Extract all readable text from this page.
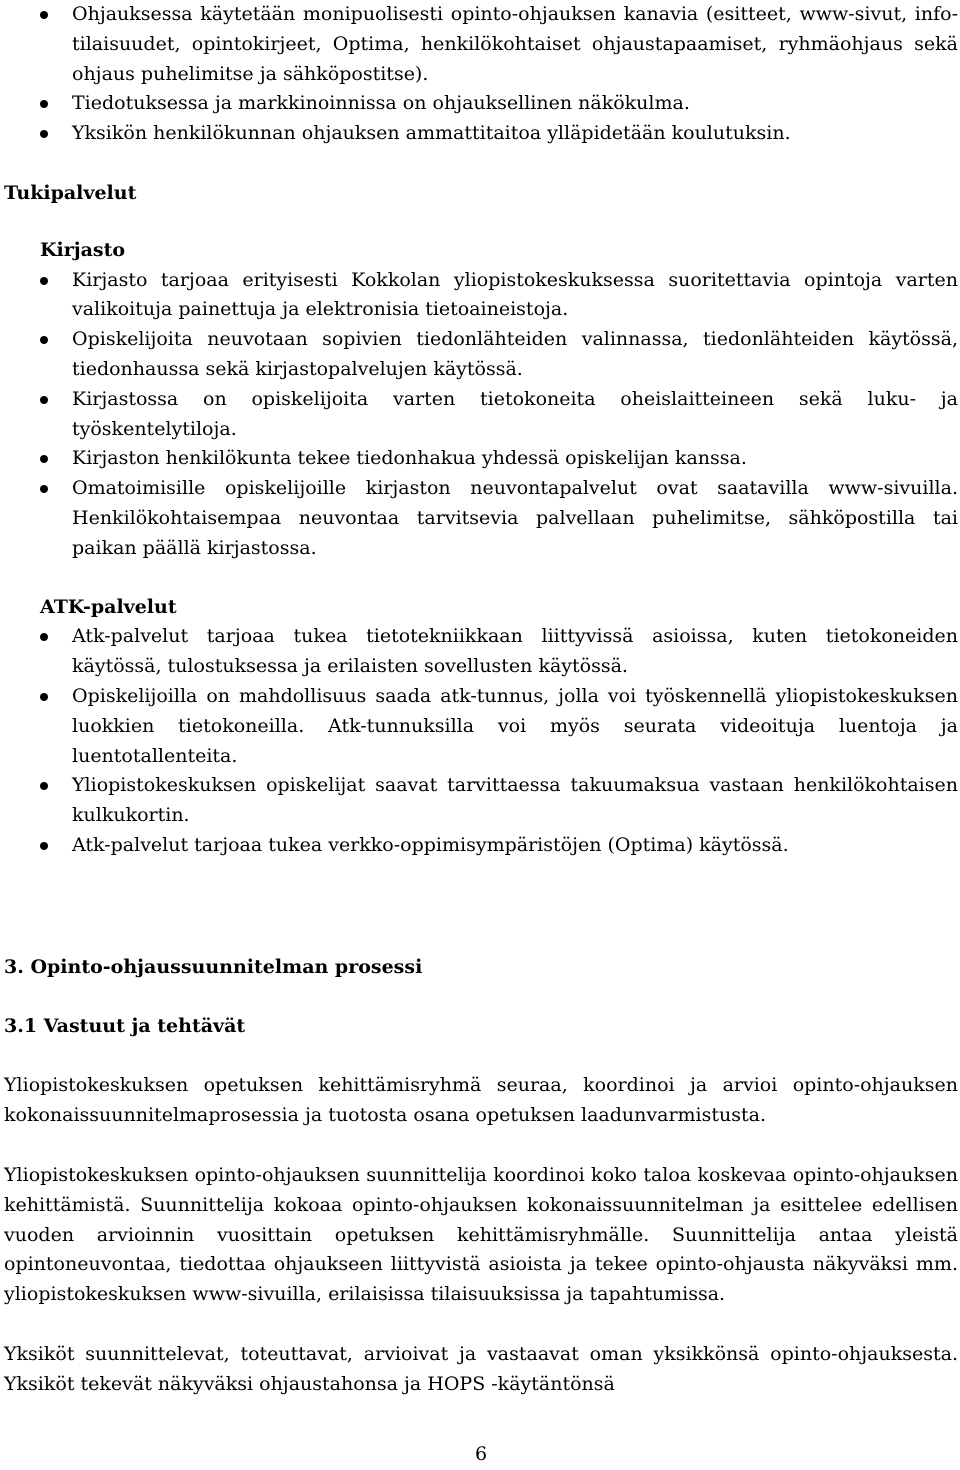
Ohjauksessa käytetään monipuolisesti opinto-ohjauksen kanavia (esitteet, www-sivut, info-tilaisuudet, opintokirjeet, Optima, henkilökohtaiset ohjaustapaamiset, ryhmäohjaus sekä ohjaus puhelimitse ja sähköpostitse).
Tiedotuksessa ja markkinoinnissa on ohjauksellinen näkökulma.
Yksikön henkilökunnan ohjauksen ammattitaitoa ylläpidetään koulutuksin.
Tukipalvelut
Kirjasto
Kirjasto tarjoaa erityisesti Kokkolan yliopistokeskuksessa suoritettavia opintoja varten valikoituja painettuja ja elektronisia tietoaineistoja.
Opiskelijoita neuvotaan sopivien tiedonlähteiden valinnassa, tiedonlähteiden käytössä, tiedonhaussa sekä kirjastopalvelujen käytössä.
Kirjastossa on opiskelijoita varten tietokoneita oheislaitteineen sekä luku- ja työskentelytiloja.
Kirjaston henkilökunta tekee tiedonhakua yhdessä opiskelijan kanssa.
Omatoimisille opiskelijoille kirjaston neuvontapalvelut ovat saatavilla www-sivuilla. Henkilökohtaisempaa neuvontaa tarvitsevia palvellaan puhelimitse, sähköpostilla tai paikan päällä kirjastossa.
ATK-palvelut
Atk-palvelut tarjoaa tukea tietotekniikkaan liittyvissä asioissa, kuten tietokoneiden käytössä, tulostuksessa ja erilaisten sovellusten käytössä.
Opiskelijoilla on mahdollisuus saada atk-tunnus, jolla voi työskennellä yliopistokeskuksen luokkien tietokoneilla. Atk-tunnuksilla voi myös seurata videoituja luentoja ja luentotallenteita.
Yliopistokeskuksen opiskelijat saavat tarvittaessa takuumaksua vastaan henkilökohtaisen kulkukortin.
Atk-palvelut tarjoaa tukea verkko-oppimisympäristöjen (Optima) käytössä.
3. Opinto-ohjaussuunnitelman prosessi
3.1 Vastuut ja tehtävät

Yliopistokeskuksen opetuksen kehittämisryhmä seuraa, koordinoi ja arvioi opinto-ohjauksen kokonaissuunnitelmaprosessia ja tuotosta osana opetuksen laadunvarmistusta.

Yliopistokeskuksen opinto-ohjauksen suunnittelija koordinoi koko taloa koskevaa opinto-ohjauksen kehittämistä. Suunnittelija kokoaa opinto-ohjauksen kokonaissuunnitelman ja esittelee edellisen vuoden arvioinnin vuosittain opetuksen kehittämisryhmälle. Suunnittelija antaa yleistä opintoneuvontaa, tiedottaa ohjaukseen liittyvistä asioista ja tekee opinto-ohjausta näkyväksi mm. yliopistokeskuksen www-sivuilla, erilaisissa tilaisuuksissa ja tapahtumissa.

Yksiköt suunnittelevat, toteuttavat, arvioivat ja vastaavat oman yksikkönsä opinto-ohjauksesta. Yksiköt tekevät näkyväksi ohjaustahonsa ja HOPS -käytäntönsä

6
